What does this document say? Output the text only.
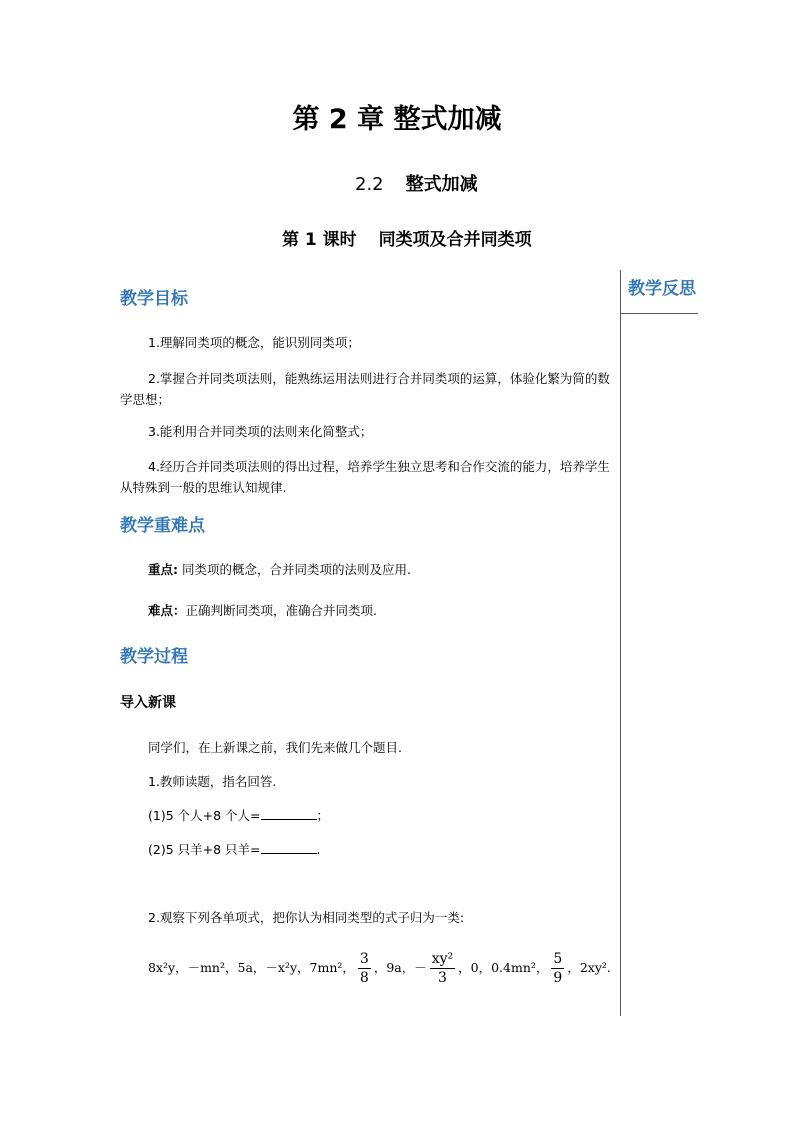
第 2 章 整式加减
2.2 整式加减
第 1 课时 同类项及合并同类项
教学反思
教学目标
1.理解同类项的概念，能识别同类项；
2.掌握合并同类项法则，能熟练运用法则进行合并同类项的运算，体验化繁为简的数学思想；
3.能利用合并同类项的法则来化简整式；
4.经历合并同类项法则的得出过程，培养学生独立思考和合作交流的能力，培养学生从特殊到一般的思维认知规律.
教学重难点
重点: 同类项的概念，合并同类项的法则及应用.
难点：正确判断同类项，准确合并同类项.
教学过程
导入新课
同学们，在上新课之前，我们先来做几个题目.
1.教师读题，指名回答.
(1)5 个人+8 个人=	；
(2)5 只羊+8 只羊=	.
2.观察下列各单项式，把你认为相同类型的式子归为一类:
8x²y，－mn²，5a，－x²y，7mn²， $\frac{3}{8}$ ，9a，－ $\frac{\text{xy²}}{3}$ ，0，0.4mn²， $\frac{5}{9}$ ，2xy².
